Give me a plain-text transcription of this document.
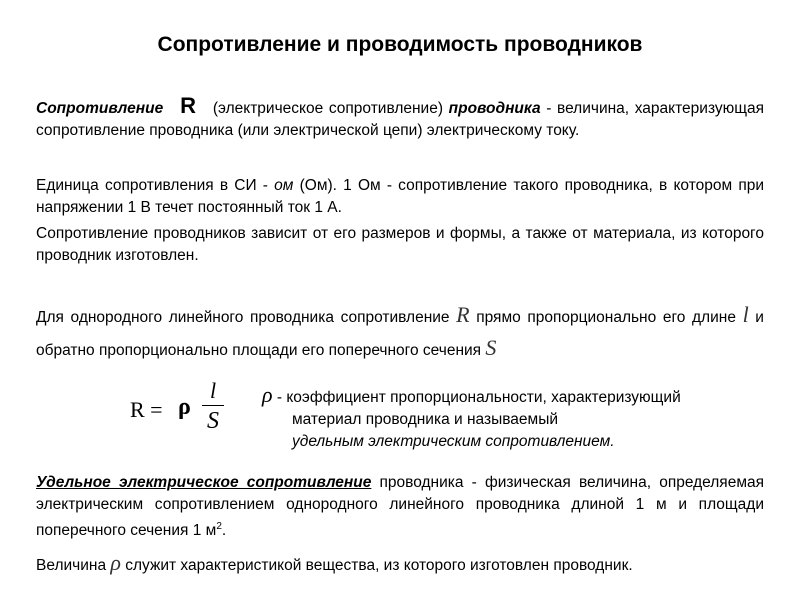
Сопротивление и проводимость проводников
Сопротивление R (электрическое сопротивление) проводника - величина, характеризующая сопротивление проводника (или электрической цепи) электрическому току.
Единица сопротивления в СИ - ом (Ом). 1 Ом - сопротивление такого проводника, в котором при напряжении 1 В течет постоянный ток 1 А.
Сопротивление проводников зависит от его размеров и формы, а также от материала, из которого проводник изготовлен.
Для однородного линейного проводника сопротивление R прямо пропорционально его длине l и обратно пропорционально площади его поперечного сечения S
R = ρ
l
S
ρ - коэффициент пропорциональности, характеризующий
материал проводника и называемый
удельным электрическим сопротивлением.
Удельное электрическое сопротивление проводника - физическая величина, определяемая электрическим сопротивлением однородного линейного проводника длиной 1 м и площади поперечного сечения 1 $м^2$.
Величина ρ служит характеристикой вещества, из которого изготовлен проводник.
